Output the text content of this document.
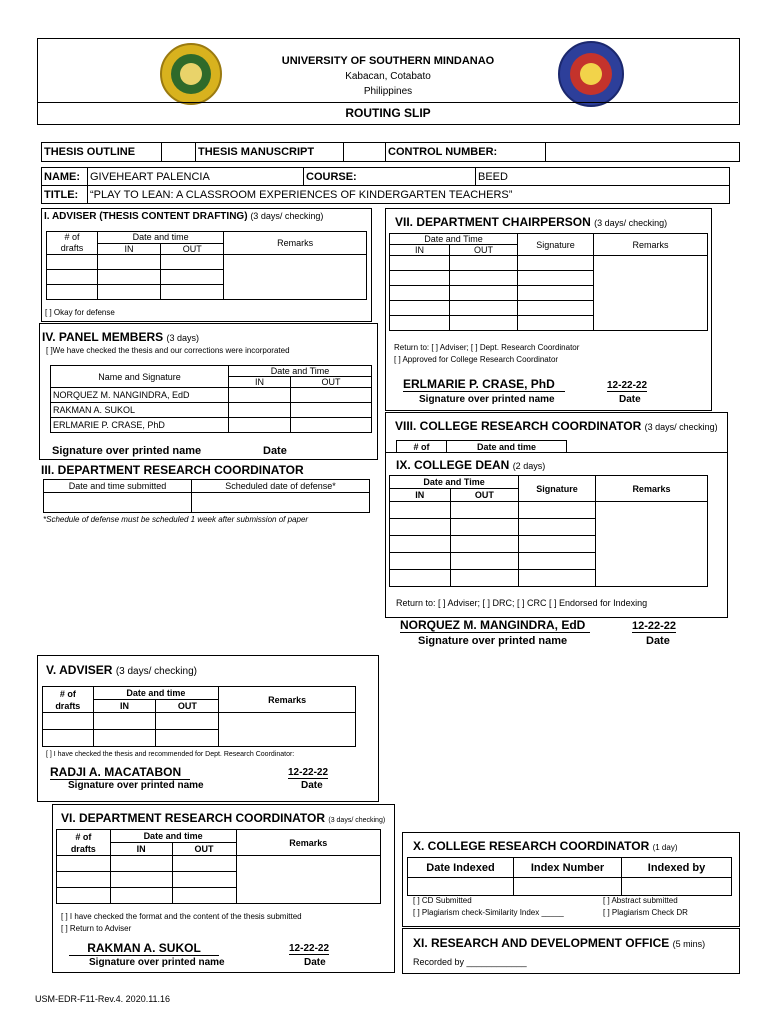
UNIVERSITY OF SOUTHERN MINDANAO
Kabacan, Cotabato
Philippines
ROUTING SLIP
THESIS OUTLINE		THESIS MANUSCRIPT		CONTROL NUMBER:	
NAME:	GIVEHEART PALENCIA	COURSE:		BEED
TITLE:	“PLAY TO LEAN: A CLASSROOM EXPERIENCES OF KINDERGARTEN TEACHERS”			
I. ADVISER (THESIS CONTENT DRAFTING) (3 days/ checking)
# of
drafts	Date and time		Remarks
	IN	OUT	

[ ] Okay for defense
IV. PANEL MEMBERS (3 days)
[ ]We have checked the thesis and our corrections were incorporated
Name and Signature	Date and Time	
	IN	OUT
NORQUEZ M. NANGINDRA, EdD		
RAKMAN A. SUKOL		
ERLMARIE P. CRASE, PhD		
Signature over printed name	Date
III. DEPARTMENT RESEARCH COORDINATOR
Date and time submitted	Scheduled date of defense*

*Schedule of defense must be scheduled 1 week after submission of paper
VII. DEPARTMENT CHAIRPERSON (3 days/ checking)
Date and Time		Signature	Remarks
IN	OUT		

Return to: [ ] Adviser; [ ] Dept. Research Coordinator
[ ] Approved for College Research Coordinator
ERLMARIE P. CRASE, PhD	12-22-22
Signature over printed name	Date
VIII. COLLEGE RESEARCH COORDINATOR (3 days/ checking)
# of	Date and time	
IX. COLLEGE DEAN (2 days)
Date and Time		Signature	Remarks
IN	OUT		

Return to: [ ] Adviser; [ ] DRC; [ ] CRC [ ] Endorsed for Indexing
NORQUEZ M. MANGINDRA, EdD	12-22-22
Signature over printed name	Date
V. ADVISER (3 days/ checking)
# of
drafts	Date and time		Remarks
	IN	OUT	

[ ] I have checked the thesis and recommended for Dept. Research Coordinator:
RADJI A. MACATABON	12-22-22
Signature over printed name	Date
VI. DEPARTMENT RESEARCH COORDINATOR (3 days/ checking)
# of
drafts	Date and time		Remarks
	IN	OUT	

[ ] I have checked the format and the content of the thesis submitted
[ ] Return to Adviser
RAKMAN A. SUKOL	12-22-22
Signature over printed name	Date
X. COLLEGE RESEARCH COORDINATOR (1 day)
Date Indexed	Index Number	Indexed by

[ ] CD Submitted	[ ] Abstract submitted
[ ] Plagiarism check-Similarity Index _____	[ ] Plagiarism Check DR
XI. RESEARCH AND DEVELOPMENT OFFICE (5 mins)
Recorded by ____________
USM-EDR-F11-Rev.4. 2020.11.16
